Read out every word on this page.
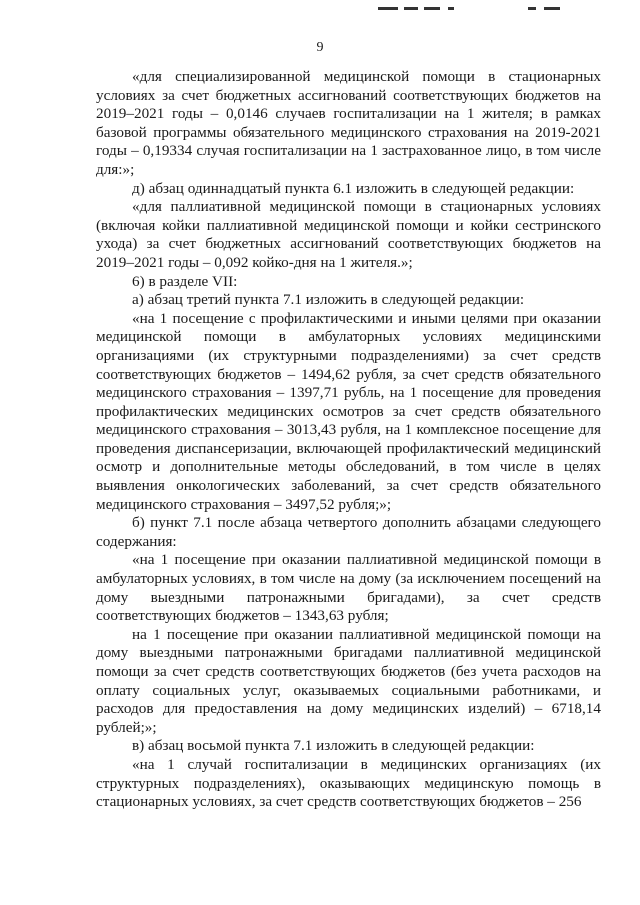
9

«для специализированной медицинской помощи в стационарных условиях за счет бюджетных ассигнований соответствующих бюджетов на 2019–2021 годы – 0,0146 случаев госпитализации на 1 жителя; в рамках базовой программы обязательного медицинского страхования на 2019-2021 годы – 0,19334 случая госпитализации на 1 застрахованное лицо, в том числе для:»;

д) абзац одиннадцатый пункта 6.1 изложить в следующей редакции:

«для паллиативной медицинской помощи в стационарных условиях (включая койки паллиативной медицинской помощи и койки сестринского ухода) за счет бюджетных ассигнований соответствующих бюджетов на 2019–2021 годы – 0,092 койко-дня на 1 жителя.»;

6) в разделе VII:

а) абзац третий пункта 7.1 изложить в следующей редакции:

«на 1 посещение с профилактическими и иными целями при оказании медицинской помощи в амбулаторных условиях медицинскими организациями (их структурными подразделениями) за счет средств соответствующих бюджетов – 1494,62 рубля, за счет средств обязательного медицинского страхования – 1397,71 рубль, на 1 посещение для проведения профилактических медицинских осмотров за счет средств обязательного медицинского страхования – 3013,43 рубля, на 1 комплексное посещение для проведения диспансеризации, включающей профилактический медицинский осмотр и дополнительные методы обследований, в том числе в целях выявления онкологических заболеваний, за счет средств обязательного медицинского страхования – 3497,52 рубля;»;

б) пункт 7.1 после абзаца четвертого дополнить абзацами следующего содержания:

«на 1 посещение при оказании паллиативной медицинской помощи в амбулаторных условиях, в том числе на дому (за исключением посещений на дому выездными патронажными бригадами), за счет средств соответствующих бюджетов – 1343,63 рубля;

на 1 посещение при оказании паллиативной медицинской помощи на дому выездными патронажными бригадами паллиативной медицинской помощи за счет средств соответствующих бюджетов (без учета расходов на оплату социальных услуг, оказываемых социальными работниками, и расходов для предоставления на дому медицинских изделий) – 6718,14 рублей;»;

в) абзац восьмой пункта 7.1 изложить в следующей редакции:

«на 1 случай госпитализации в медицинских организациях (их структурных подразделениях), оказывающих медицинскую помощь в стационарных условиях, за счет средств соответствующих бюджетов – 256
